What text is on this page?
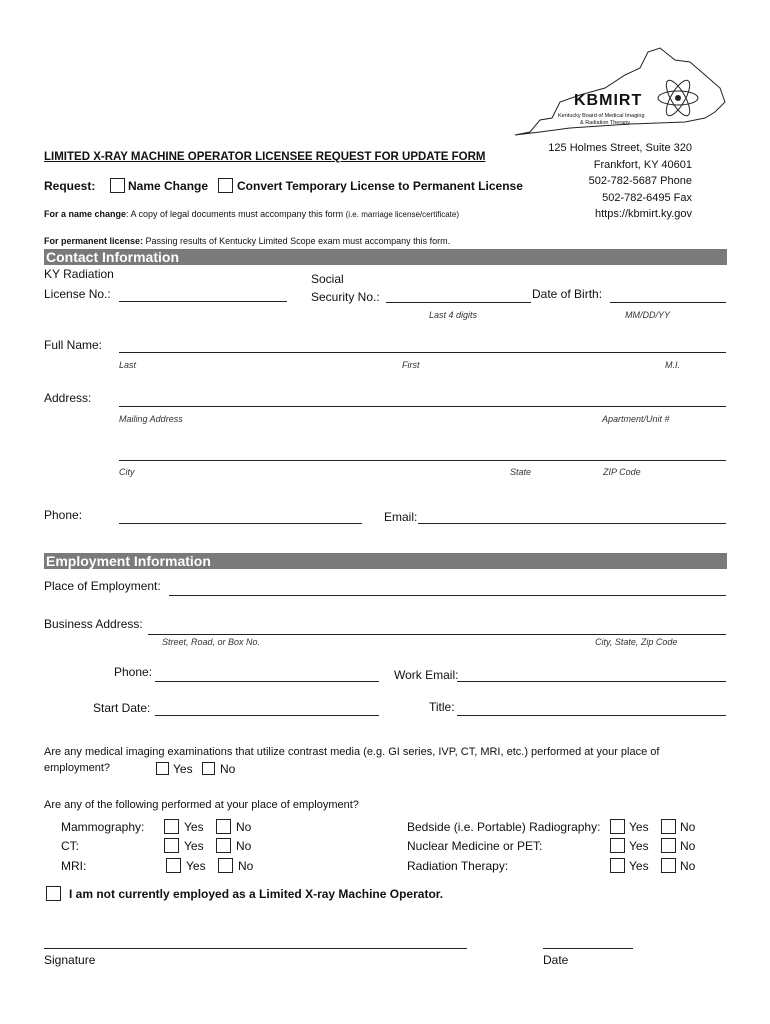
KBMIRT
Kentucky Board of Medical Imaging
& Radiation Therapy
125 Holmes Street, Suite 320
Frankfort, KY 40601
502-782-5687 Phone
502-782-6495 Fax
https://kbmirt.ky.gov
LIMITED X-RAY MACHINE OPERATOR LICENSEE REQUEST FOR UPDATE FORM
Request:	Name Change Convert Temporary License to Permanent License
For a name change: A copy of legal documents must accompany this form (i.e. marriage license/certificate)
For permanent license: Passing results of Kentucky Limited Scope exam must accompany this form.
Contact Information
KY Radiation
License No.:
Social
Security No.:	Date of Birth:
Last 4 digits	MM/DD/YY
Full Name:
Last	First	M.I.
Address:
Mailing Address	Apartment/Unit #
City	State	ZIP Code
Phone:	Email:
Employment Information
Place of Employment:
Business Address:
Street, Road, or Box No.	City, State, Zip Code
Phone:	Work Email:
Start Date:	Title:
Are any medical imaging examinations that utilize contrast media (e.g. GI series, IVP, CT, MRI, etc.) performed at your place of
employment?	Yes No
Are any of the following performed at your place of employment?
Mammography:	Yes	No
CT:	Yes	No
MRI:	Yes	No
Bedside (i.e. Portable) Radiography: Yes	No
Nuclear Medicine or PET:	Yes	No
Radiation Therapy:	Yes	No
I am not currently employed as a Limited X-ray Machine Operator.
Signature	Date
